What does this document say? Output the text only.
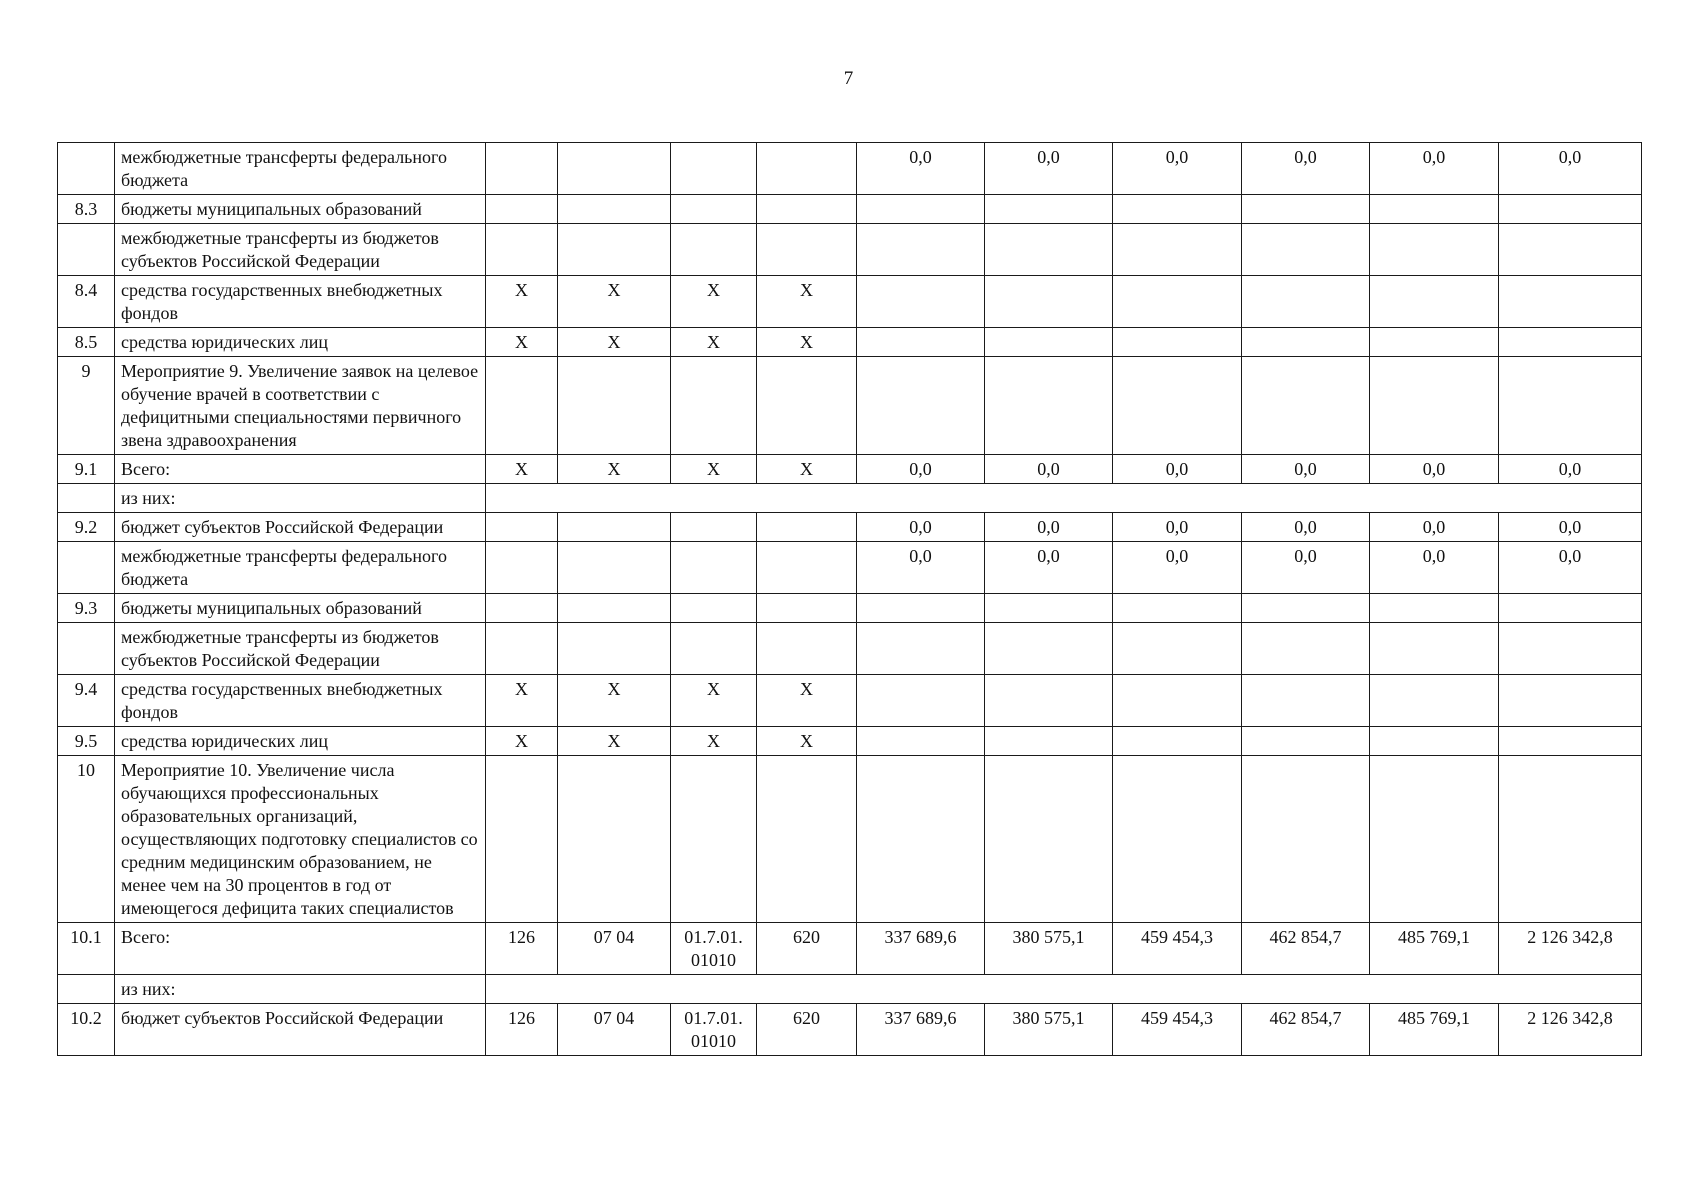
7
	межбюджетные трансферты федерального бюджета					0,0	0,0	0,0	0,0	0,0	0,0
8.3	бюджеты муниципальных образований										
	межбюджетные трансферты из бюджетов субъектов Российской Федерации										
8.4	средства государственных внебюджетных фондов	Х	Х	Х	Х						
8.5	средства юридических лиц	Х	Х	Х	Х						
9	Мероприятие 9. Увеличение заявок на целевое обучение врачей в соответствии с дефицитными специальностями первичного звена здравоохранения										
9.1	Всего:	Х	Х	Х	Х	0,0	0,0	0,0	0,0	0,0	0,0
	из них:										
9.2	бюджет субъектов Российской Федерации					0,0	0,0	0,0	0,0	0,0	0,0
	межбюджетные трансферты федерального бюджета					0,0	0,0	0,0	0,0	0,0	0,0
9.3	бюджеты муниципальных образований										
	межбюджетные трансферты из бюджетов субъектов Российской Федерации										
9.4	средства государственных внебюджетных фондов	Х	Х	Х	Х						
9.5	средства юридических лиц	Х	Х	Х	Х						
10	Мероприятие 10. Увеличение числа обучающихся профессиональных образовательных организаций, осуществляющих подготовку специалистов со средним медицинским образованием, не менее чем на 30 процентов в год от имеющегося дефицита таких специалистов										
10.1	Всего:	126	07 04	01.7.01. 01010	620	337 689,6	380 575,1	459 454,3	462 854,7	485 769,1	2 126 342,8
	из них:										
10.2	бюджет субъектов Российской Федерации	126	07 04	01.7.01. 01010	620	337 689,6	380 575,1	459 454,3	462 854,7	485 769,1	2 126 342,8
